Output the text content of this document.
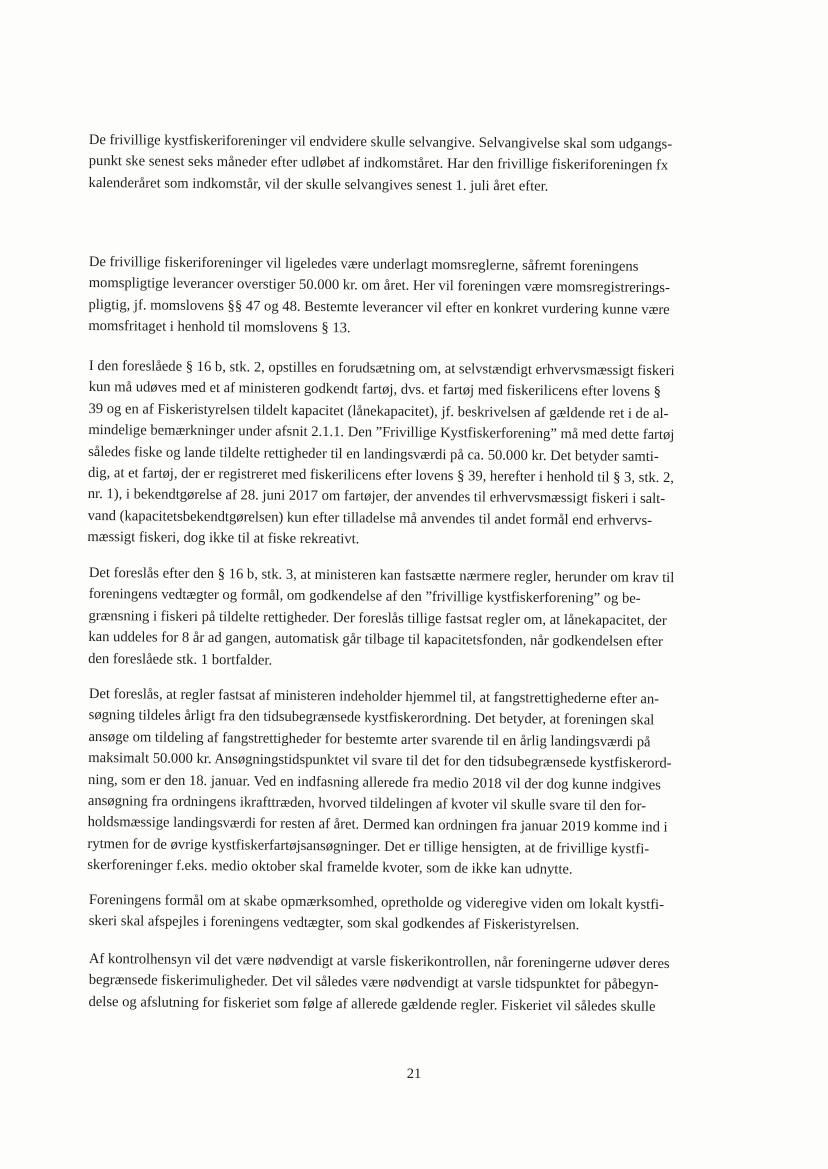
De frivillige kystfiskeriforeninger vil endvidere skulle selvangive. Selvangivelse skal som udgangs-
punkt ske senest seks måneder efter udløbet af indkomståret. Har den frivillige fiskeriforeningen fx
kalenderåret som indkomstår, vil der skulle selvangives senest 1. juli året efter.
De frivillige fiskeriforeninger vil ligeledes være underlagt momsreglerne, såfremt foreningens
momspligtige leverancer overstiger 50.000 kr. om året. Her vil foreningen være momsregistrerings-
pligtig, jf. momslovens §§ 47 og 48. Bestemte leverancer vil efter en konkret vurdering kunne være
momsfritaget i henhold til momslovens § 13.
I den foreslåede § 16 b, stk. 2, opstilles en forudsætning om, at selvstændigt erhvervsmæssigt fiskeri
kun må udøves med et af ministeren godkendt fartøj, dvs. et fartøj med fiskerilicens efter lovens §
39 og en af Fiskeristyrelsen tildelt kapacitet (lånekapacitet), jf. beskrivelsen af gældende ret i de al-
mindelige bemærkninger under afsnit 2.1.1. Den ”Frivillige Kystfiskerforening” må med dette fartøj
således fiske og lande tildelte rettigheder til en landingsværdi på ca. 50.000 kr. Det betyder samti-
dig, at et fartøj, der er registreret med fiskerilicens efter lovens § 39, herefter i henhold til § 3, stk. 2,
nr. 1), i bekendtgørelse af 28. juni 2017 om fartøjer, der anvendes til erhvervsmæssigt fiskeri i salt-
vand (kapacitetsbekendtgørelsen) kun efter tilladelse må anvendes til andet formål end erhvervs-
mæssigt fiskeri, dog ikke til at fiske rekreativt.
Det foreslås efter den § 16 b, stk. 3, at ministeren kan fastsætte nærmere regler, herunder om krav til
foreningens vedtægter og formål, om godkendelse af den ”frivillige kystfiskerforening” og be-
grænsning i fiskeri på tildelte rettigheder. Der foreslås tillige fastsat regler om, at lånekapacitet, der
kan uddeles for 8 år ad gangen, automatisk går tilbage til kapacitetsfonden, når godkendelsen efter
den foreslåede stk. 1 bortfalder.
Det foreslås, at regler fastsat af ministeren indeholder hjemmel til, at fangstrettighederne efter an-
søgning tildeles årligt fra den tidsubegrænsede kystfiskerordning. Det betyder, at foreningen skal
ansøge om tildeling af fangstrettigheder for bestemte arter svarende til en årlig landingsværdi på
maksimalt 50.000 kr. Ansøgningstidspunktet vil svare til det for den tidsubegrænsede kystfiskerord-
ning, som er den 18. januar. Ved en indfasning allerede fra medio 2018 vil der dog kunne indgives
ansøgning fra ordningens ikrafttræden, hvorved tildelingen af kvoter vil skulle svare til den for-
holdsmæssige landingsværdi for resten af året. Dermed kan ordningen fra januar 2019 komme ind i
rytmen for de øvrige kystfiskerfartøjsansøgninger. Det er tillige hensigten, at de frivillige kystfi-
skerforeninger f.eks. medio oktober skal framelde kvoter, som de ikke kan udnytte.
Foreningens formål om at skabe opmærksomhed, opretholde og videregive viden om lokalt kystfi-
skeri skal afspejles i foreningens vedtægter, som skal godkendes af Fiskeristyrelsen.
Af kontrolhensyn vil det være nødvendigt at varsle fiskerikontrollen, når foreningerne udøver deres
begrænsede fiskerimuligheder. Det vil således være nødvendigt at varsle tidspunktet for påbegyn-
delse og afslutning for fiskeriet som følge af allerede gældende regler. Fiskeriet vil således skulle
21
